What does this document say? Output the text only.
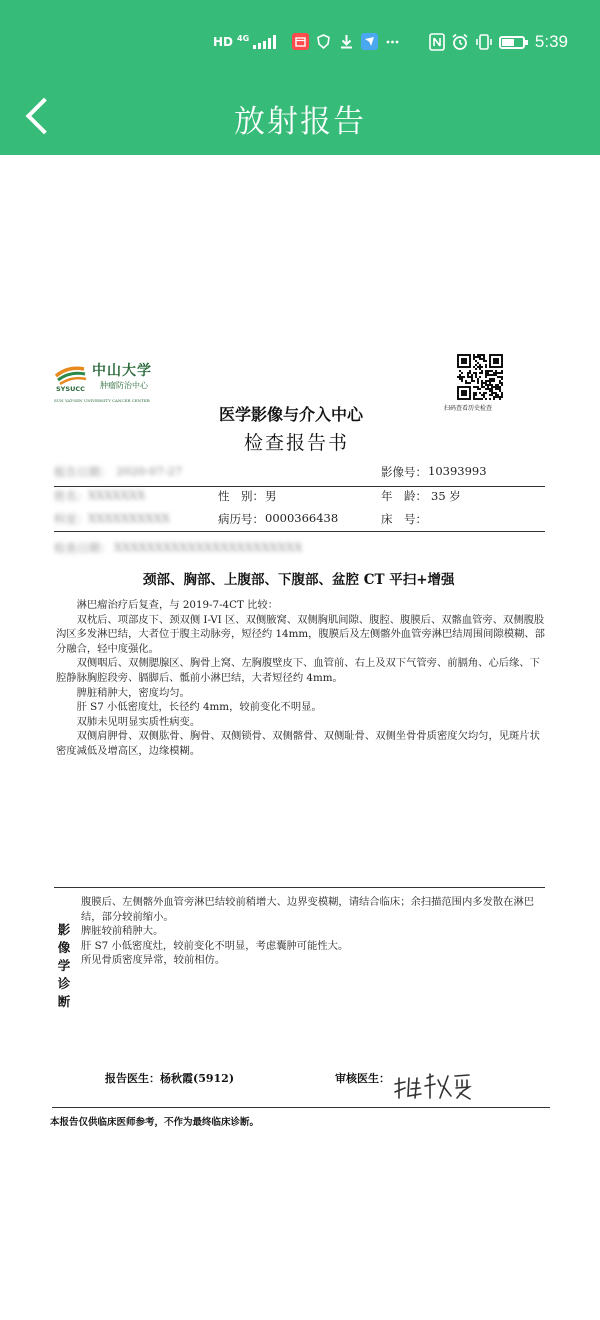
HD 4G	5:39
放射报告
SYSUCC
中山大学
肿瘤防治中心
SUN YAT-SEN UNIVERSITY CANCER CENTER
扫码查看历史检查
医学影像与介入中心
检查报告书
报告日期： 2020-07-27	影像号： 10393993
姓名： XXXXXXX	性　别： 男	年　龄： 35 岁
科室： XXXXXXXXXX	病历号： 0000366438	床　号：
检查日期： XXXXXXXXXXXXXXXXXXXXXXX
颈部、胸部、上腹部、下腹部、盆腔 CT 平扫+增强

淋巴瘤治疗后复查，与 2019-7-4CT 比较：

双枕后、项部皮下、颈双侧 I-VI 区、双侧腋窝、双侧胸肌间隙、腹腔、腹膜后、双髂血管旁、双侧腹股沟区多发淋巴结，大者位于腹主动脉旁，短径约 14mm，腹膜后及左侧髂外血管旁淋巴结周围间隙模糊、部分融合，轻中度强化。

双侧咽后、双侧腮腺区、胸骨上窝、左胸腹壁皮下、血管前、右上及双下气管旁、前膈角、心后缘、下腔静脉胸腔段旁、膈脚后、骶前小淋巴结，大者短径约 4mm。

脾脏稍肿大，密度均匀。

肝 S7 小低密度灶，长径约 4mm，较前变化不明显。

双肺未见明显实质性病变。

双侧肩胛骨、双侧肱骨、胸骨、双侧锁骨、双侧髂骨、双侧耻骨、双侧坐骨骨质密度欠均匀，见斑片状密度减低及增高区，边缘模糊。

影
像
学
诊
断

腹膜后、左侧髂外血管旁淋巴结较前稍增大、边界变模糊，请结合临床；余扫描范围内多发散在淋巴结，部分较前缩小。

脾脏较前稍肿大。

肝 S7 小低密度灶，较前变化不明显，考虑囊肿可能性大。

所见骨质密度异常，较前相仿。

报告医生：杨秋霞(5912)	审核医生：
本报告仅供临床医师参考，不作为最终临床诊断。
